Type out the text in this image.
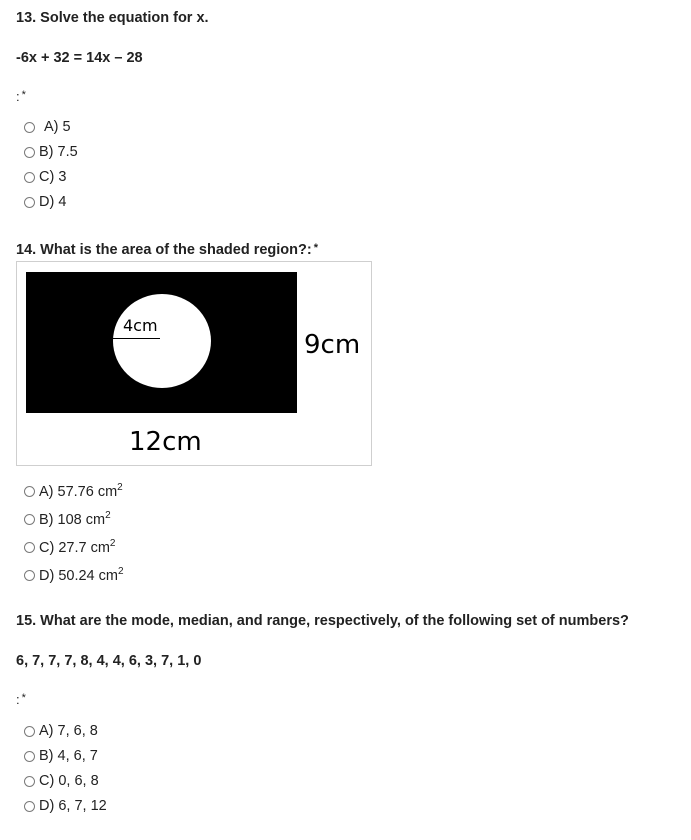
13. Solve the equation for x.
-6x + 32 = 14x – 28
: *
A) 5
B) 7.5
C) 3
D) 4
14. What is the area of the shaded region?: *
4cm
9cm
12cm
A) 57.76 $cm^2$
B) 108 $cm^2$
C) 27.7 $cm^2$
D) 50.24 $cm^2$
15. What are the mode, median, and range, respectively, of the following set of numbers?
6, 7, 7, 7, 8, 4, 4, 6, 3, 7, 1, 0
: *
A) 7, 6, 8
B) 4, 6, 7
C) 0, 6, 8
D) 6, 7, 12
